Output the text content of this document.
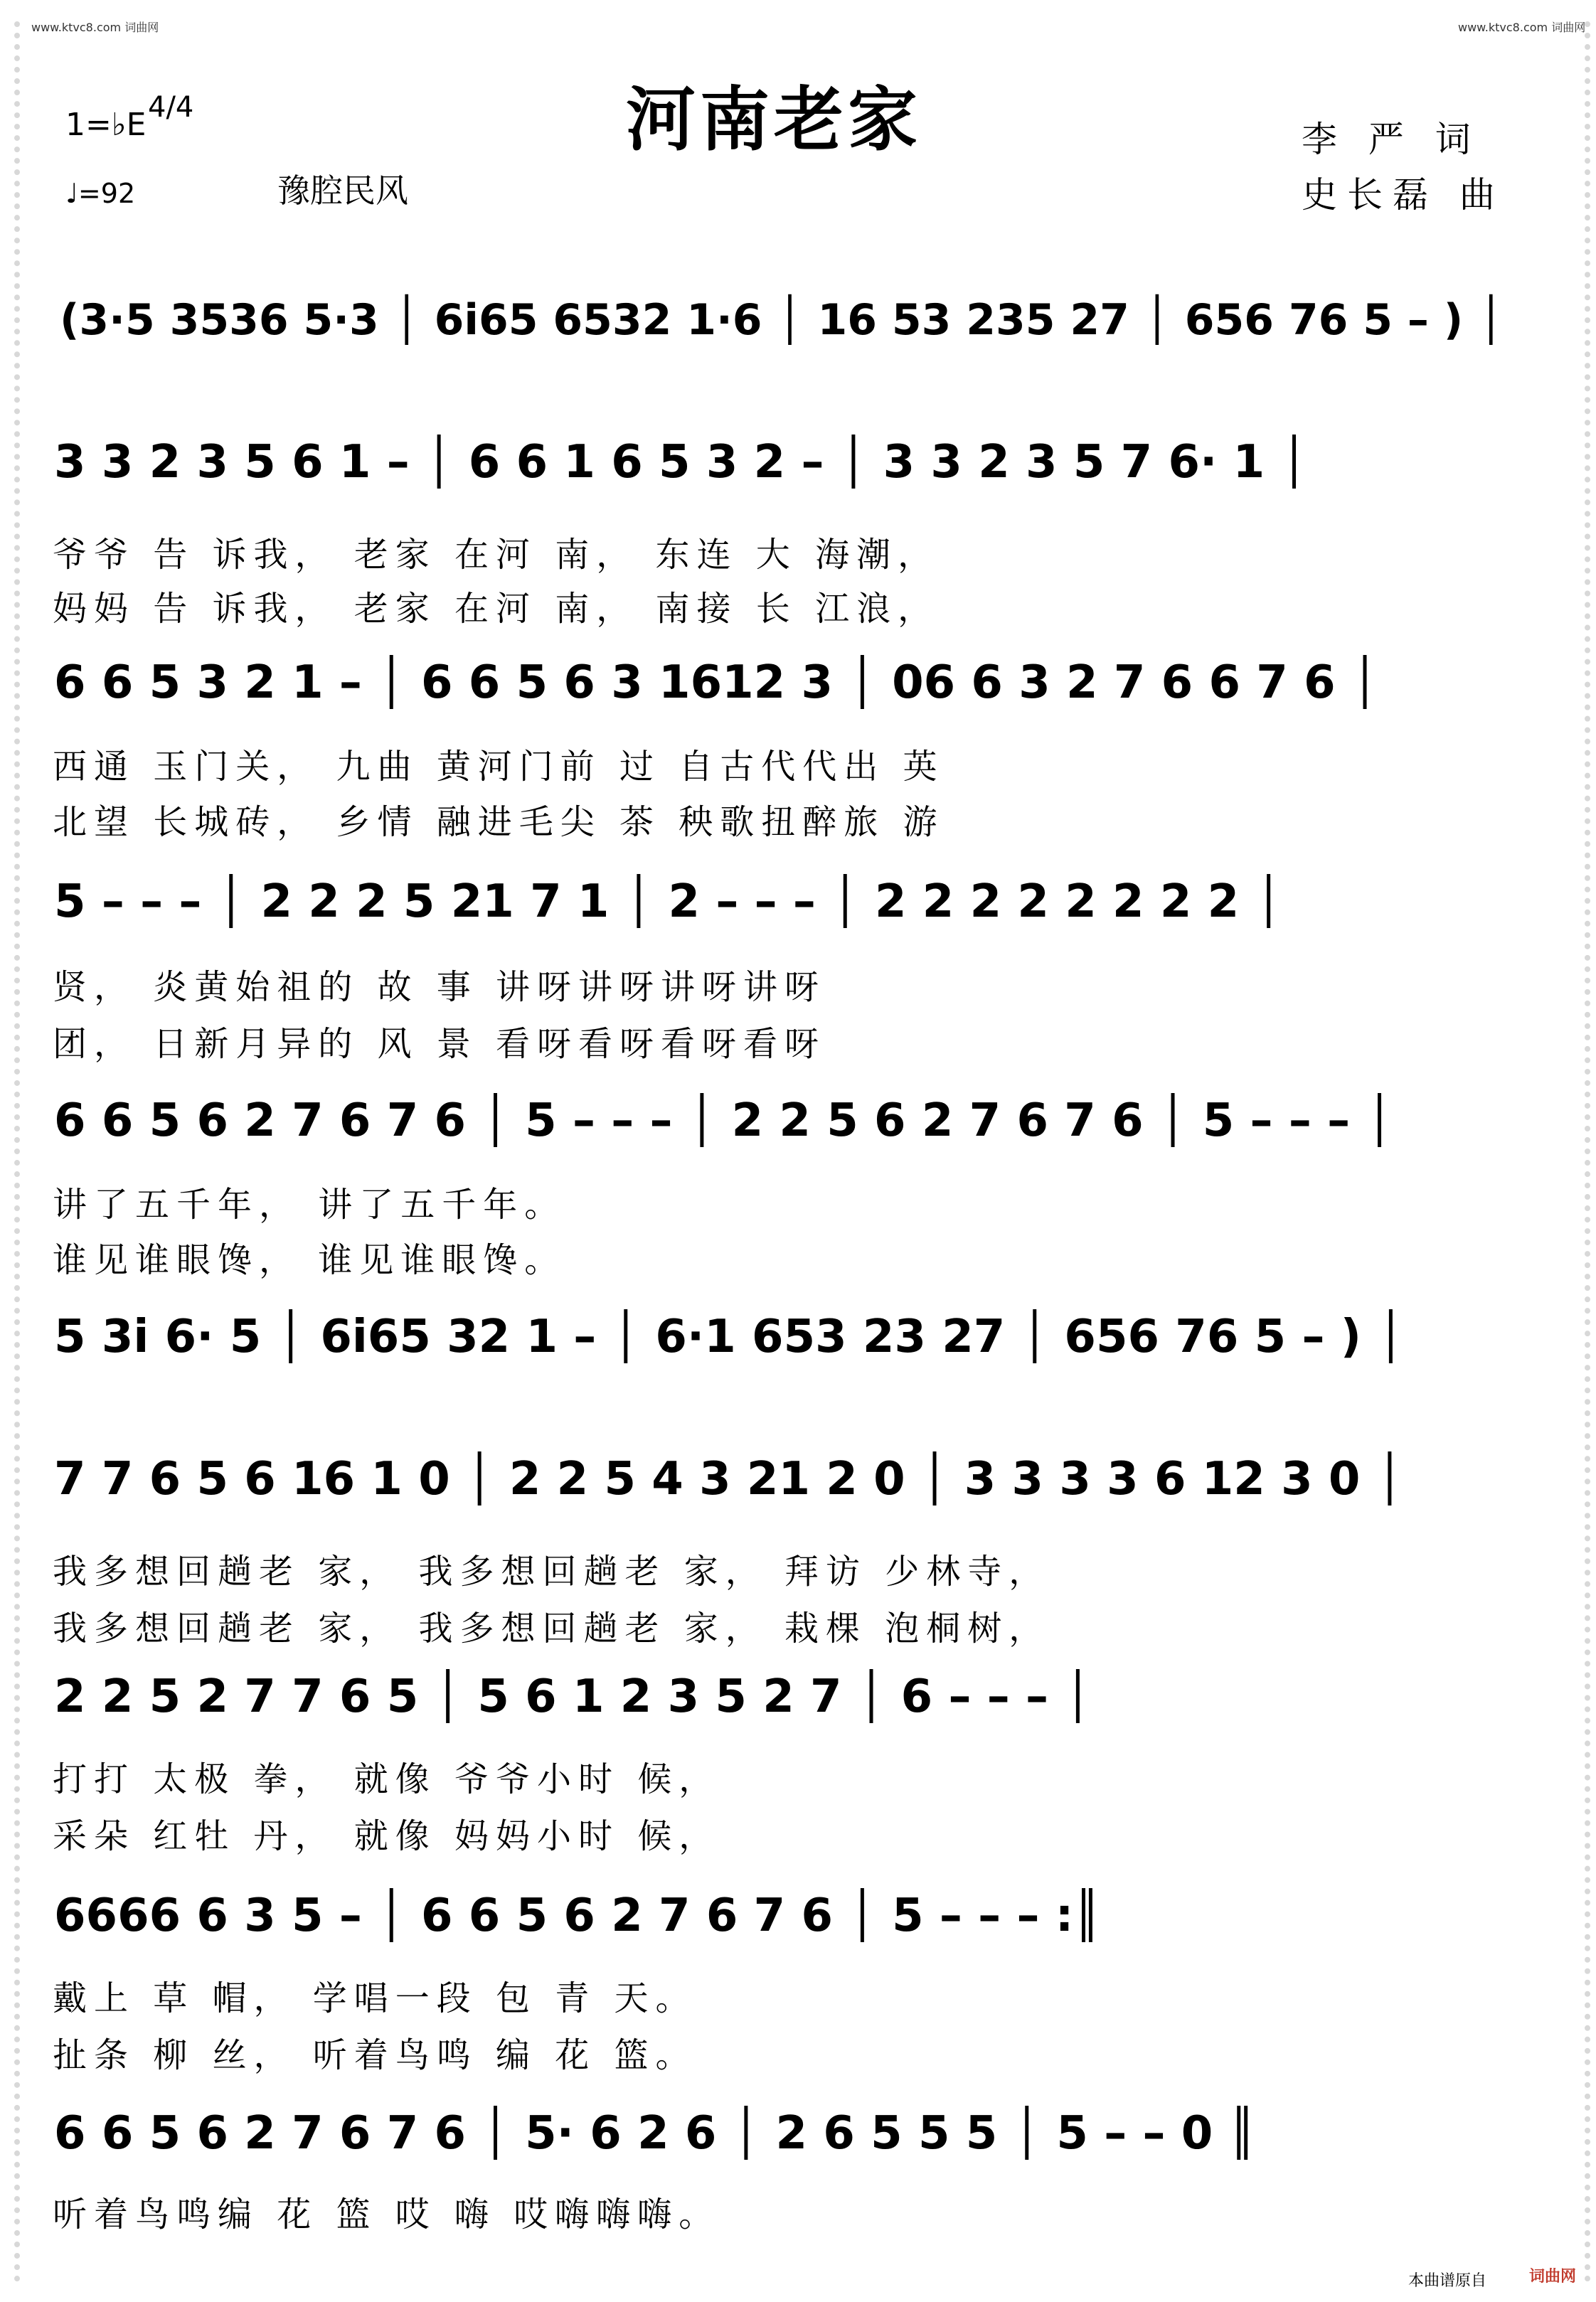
www.ktvc8.com 词曲网	www.ktvc8.com 词曲网
1=♭E 4/4
♩=92	豫腔民风
河南老家	李 严 词
史长磊 曲
(3·5 3536 5·3 │ 6i65 6532 1·6 │ 16 53 235 27 │ 656 76 5 – ) │
3 3 2 3 5 6 1 – │ 6 6 1 6 5 3 2 – │ 3 3 2 3 5 7 6· 1 │
爷爷 告 诉我， 老家 在河 南， 东连 大 海潮，
妈妈 告 诉我， 老家 在河 南， 南接 长 江浪，
6 6 5 3 2 1 – │ 6 6 5 6 3 1612 3 │ 06 6 3 2 7 6 6 7 6 │
西通 玉门关， 九曲 黄河门前 过 自古代代出 英
北望 长城砖， 乡情 融进毛尖 茶 秧歌扭醉旅 游
5 – – – │ 2 2 2 5 21 7 1 │ 2 – – – │ 2 2 2 2 2 2 2 2 │
贤， 炎黄始祖的 故 事 讲呀讲呀讲呀讲呀
团， 日新月异的 风 景 看呀看呀看呀看呀
6 6 5 6 2 7 6 7 6 │ 5 – – – │ 2 2 5 6 2 7 6 7 6 │ 5 – – – │
讲了五千年， 讲了五千年。
谁见谁眼馋， 谁见谁眼馋。
5 3i 6· 5 │ 6i65 32 1 – │ 6·1 653 23 27 │ 656 76 5 – ) │
7 7 6 5 6 16 1 0 │ 2 2 5 4 3 21 2 0 │ 3 3 3 3 6 12 3 0 │
我多想回趟老 家， 我多想回趟老 家， 拜访 少林寺，
我多想回趟老 家， 我多想回趟老 家， 栽棵 泡桐树，
2 2 5 2 7 7 6 5 │ 5 6 1 2 3 5 2 7 │ 6 – – – │
打打 太极 拳， 就像 爷爷小时 候，
采朵 红牡 丹， 就像 妈妈小时 候，
6666 6 3 5 – │ 6 6 5 6 2 7 6 7 6 │ 5 – – – :║
戴上 草 帽， 学唱一段 包 青 天。
扯条 柳 丝， 听着鸟鸣 编 花 篮。
6 6 5 6 2 7 6 7 6 │ 5· 6 2 6 │ 2 6 5 5 5 │ 5 – – 0 ║
听着鸟鸣编 花 篮 哎 嗨 哎嗨嗨嗨。
本曲谱原自	词曲网
